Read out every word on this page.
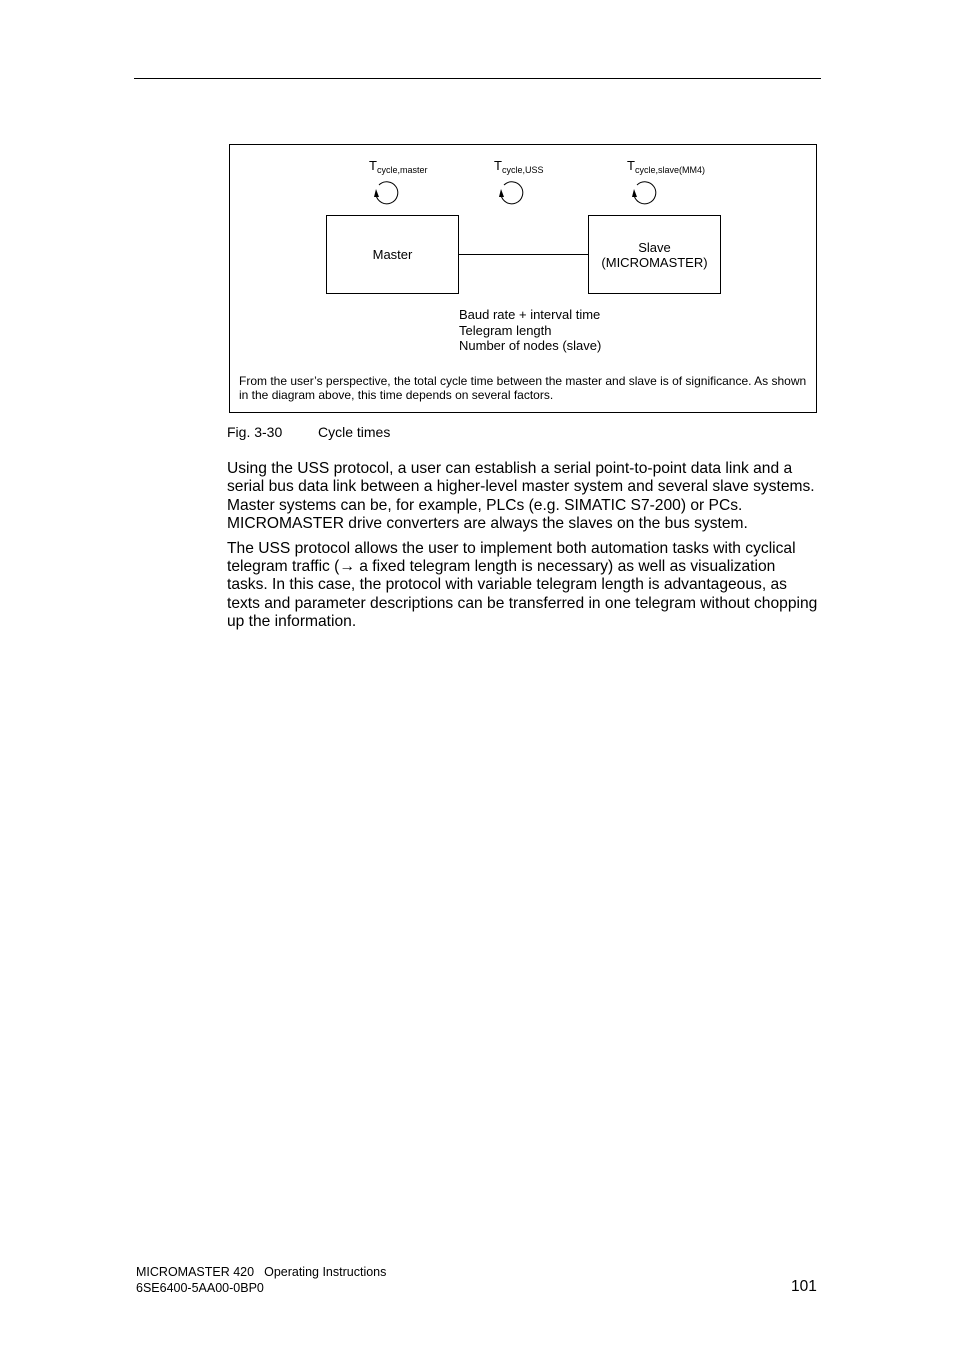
$T_{cycle,master}$	$T_{cycle,USS}$	$T_{cycle,slave(MM4)}$
Master	Slave
(MICROMASTER)
Baud rate + interval time
Telegram length
Number of nodes (slave)
From the user’s perspective, the total cycle time between the master and slave is of significance. As shown in the diagram above, this time depends on several factors.
Fig. 3-30	Cycle times

Using the USS protocol, a user can establish a serial point-to-point data link and a serial bus data link between a higher-level master system and several slave systems. Master systems can be, for example, PLCs (e.g. SIMATIC S7-200) or PCs. MICROMASTER drive converters are always the slaves on the bus system.

The USS protocol allows the user to implement both automation tasks with cyclical telegram traffic (→ a fixed telegram length is necessary) as well as visualization tasks. In this case, the protocol with variable telegram length is advantageous, as texts and parameter descriptions can be transferred in one telegram without chopping up the information.

MICROMASTER 420 Operating Instructions
6SE6400-5AA00-0BP0	101
